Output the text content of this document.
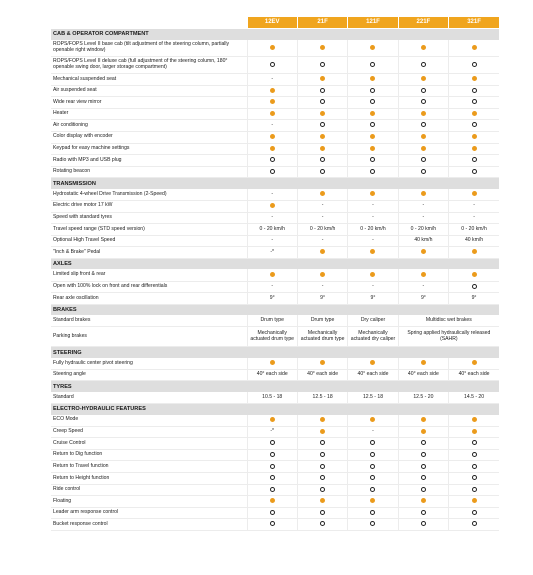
	12EV	21F	121F	221F	321F
CAB & OPERATOR COMPARTMENT					
ROPS/FOPS Level II base cab (tilt adjustment of the steering column, partially openable right window)					
ROPS/FOPS Level II deluxe cab (full adjustment of the steering column, 180° openable swing door, larger storage compartment)					
Mechanical suspended seat	-				
Air suspended seat					
Wide rear view mirror					
Heater					
Air conditioning	-				
Color display with encoder					
Keypad for easy machine settings					
Radio with MP3 and USB plug					
Rotating beacon					
TRANSMISSION					
Hydrostatic 4-wheel Drive Transmission (2-Speed)	-				
Electric drive motor 17 kW		-	-	-	-
Speed with standard tyres	-	-	-	-	-
Travel speed range (STD speed version)	0 - 20 km/h	0 - 20 km/h	0 - 20 km/h	0 - 20 km/h	0 - 20 km/h
Optional High Travel Speed	-	-	-	40 km/h	40 km/h
"Inch & Brake" Pedal	-*				
AXLES					
Limited slip front & rear					
Open with 100% lock on front and rear differentials	-	-	-	-	
Rear axle oscillation	9°	9°	9°	9°	9°
BRAKES					
Standard brakes	Drum type	Drum type	Dry caliper	Multidisc wet brakes	
Parking brakes	Mechanically actuated drum type	Mechanically actuated drum type	Mechanically actuated dry caliper	Spring applied hydraulically released (SAHR)	
STEERING					
Fully hydraulic center pivot steering					
Steering angle	40° each side	40° each side	40° each side	40° each side	40° each side
TYRES					
Standard	10.5 - 18	12.5 - 18	12.5 - 18	12.5 - 20	14.5 - 20
ELECTRO-HYDRAULIC FEATURES					
ECO Mode					
Creep Speed	-*		-		
Cruise Control					
Return to Dig function					
Return to Travel function					
Return to Height function					
Ride control					
Floating					
Leader arm response control					
Bucket response control					
